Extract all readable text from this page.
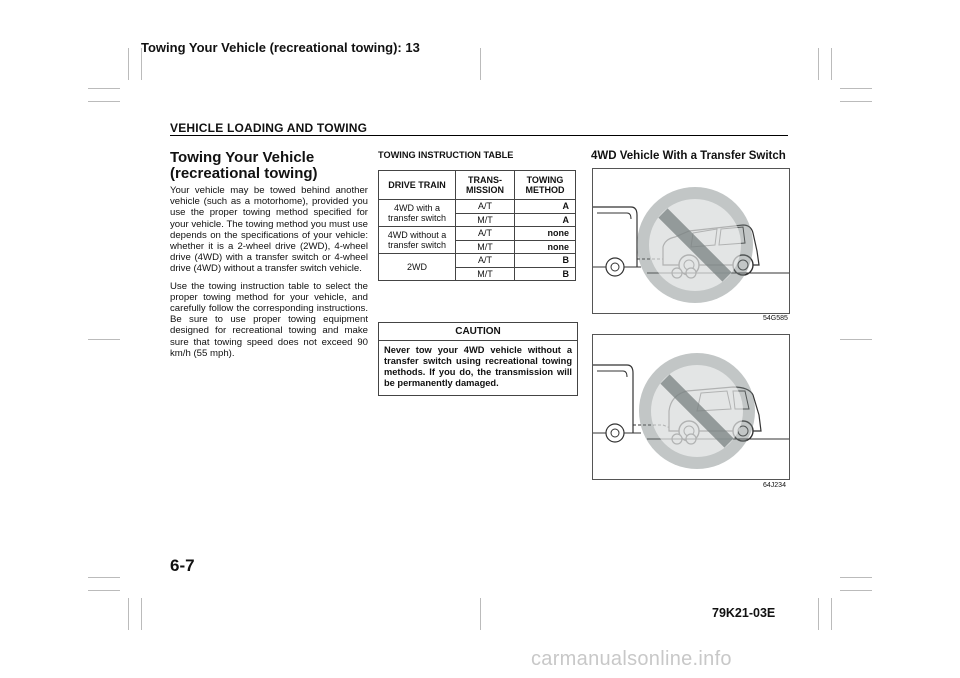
Towing Your Vehicle (recreational towing): 13
VEHICLE LOADING AND TOWING
Towing Your Vehicle (recreational towing)

Your vehicle may be towed behind another vehicle (such as a motorhome), provided you use the proper towing method specified for your vehicle. The towing method you must use depends on the specifications of your vehicle: whether it is a 2-wheel drive (2WD), 4-wheel drive (4WD) with a transfer switch or 4-wheel drive (4WD) without a transfer switch vehicle.

Use the towing instruction table to select the proper towing method for your vehicle, and carefully follow the corresponding instructions. Be sure to use proper towing equipment designed for recreational towing and make sure that towing speed does not exceed 90 km/h (55 mph).

TOWING INSTRUCTION TABLE
DRIVE TRAIN	TRANS-MISSION	TOWING METHOD
4WD with a transfer switch	A/T	A
	M/T	A
4WD without a transfer switch	A/T	none
	M/T	none
2WD	A/T	B
	M/T	B
CAUTION
Never tow your 4WD vehicle without a transfer switch using recreational towing methods. If you do, the transmission will be permanently damaged.
4WD Vehicle With a Transfer Switch
54G585
64J234
6-7
79K21-03E
carmanualsonline.info
